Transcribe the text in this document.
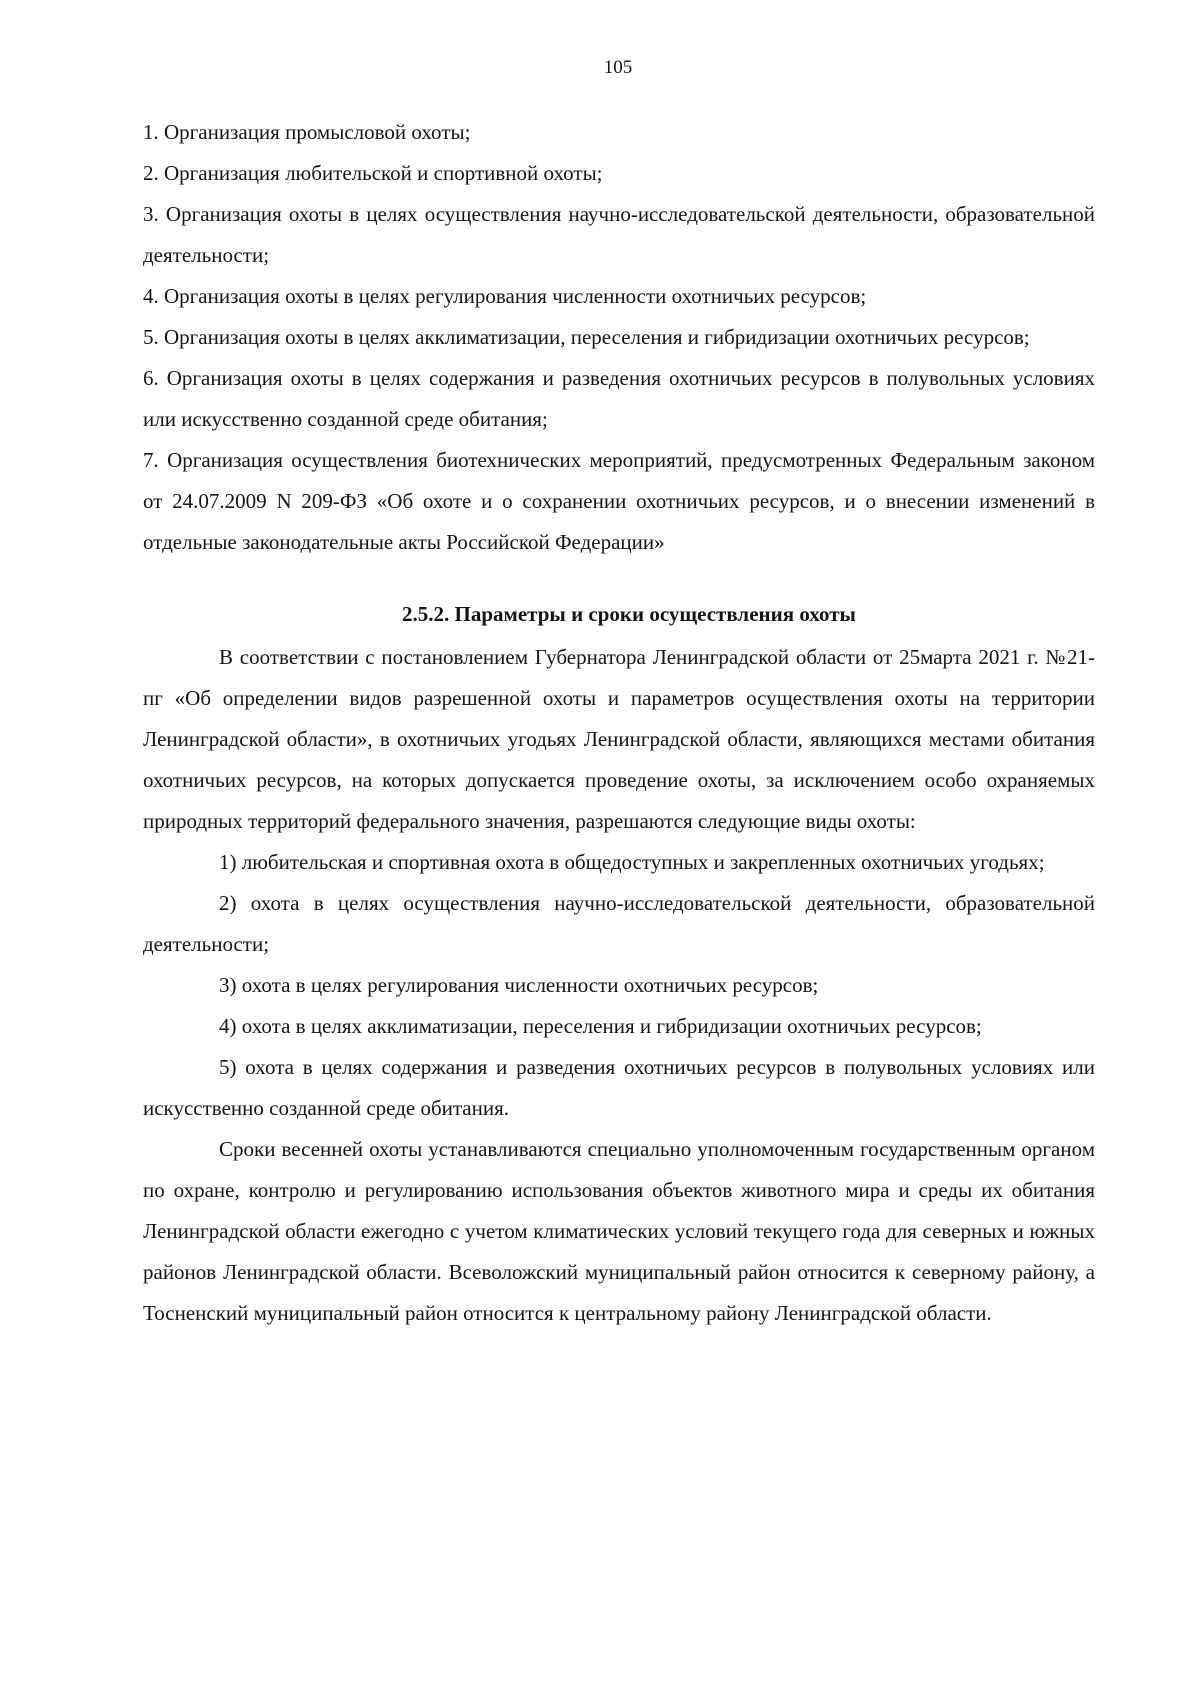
105

1. Организация промысловой охоты;

2. Организация любительской и спортивной охоты;

3. Организация охоты в целях осуществления научно-исследовательской деятельности, образовательной деятельности;

4. Организация охоты в целях регулирования численности охотничьих ресурсов;

5. Организация охоты в целях акклиматизации, переселения и гибридизации охотничьих ресурсов;

6. Организация охоты в целях содержания и разведения охотничьих ресурсов в полувольных условиях или искусственно созданной среде обитания;

7. Организация осуществления биотехнических мероприятий, предусмотренных Федеральным законом от 24.07.2009 N 209-ФЗ «Об охоте и о сохранении охотничьих ресурсов, и о внесении изменений в отдельные законодательные акты Российской Федерации»

2.5.2. Параметры и сроки осуществления охоты

В соответствии с постановлением Губернатора Ленинградской области от 25марта 2021 г. №21-пг «Об определении видов разрешенной охоты и параметров осуществления охоты на территории Ленинградской области», в охотничьих угодьях Ленинградской области, являющихся местами обитания охотничьих ресурсов, на которых допускается проведение охоты, за исключением особо охраняемых природных территорий федерального значения, разрешаются следующие виды охоты:

1) любительская и спортивная охота в общедоступных и закрепленных охотничьих угодьях;

2) охота в целях осуществления научно-исследовательской деятельности, образовательной деятельности;

3) охота в целях регулирования численности охотничьих ресурсов;

4) охота в целях акклиматизации, переселения и гибридизации охотничьих ресурсов;

5) охота в целях содержания и разведения охотничьих ресурсов в полувольных условиях или искусственно созданной среде обитания.

Сроки весенней охоты устанавливаются специально уполномоченным государственным органом по охране, контролю и регулированию использования объектов животного мира и среды их обитания Ленинградской области ежегодно с учетом климатических условий текущего года для северных и южных районов Ленинградской области. Всеволожский муниципальный район относится к северному району, а Тосненский муниципальный район относится к центральному району Ленинградской области.
